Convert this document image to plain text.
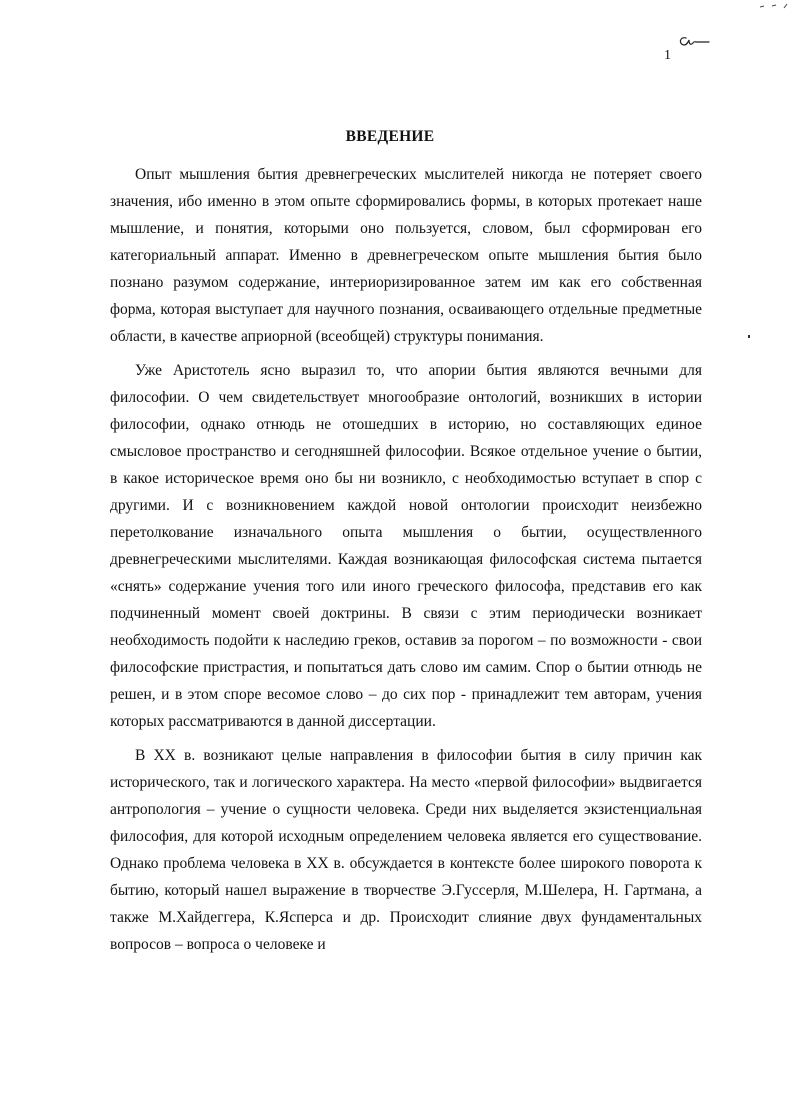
1
ВВЕДЕНИЕ

Опыт мышления бытия древнегреческих мыслителей никогда не потеряет своего значения, ибо именно в этом опыте сформировались формы, в которых протекает наше мышление, и понятия, которыми оно пользуется, словом, был сформирован его категориальный аппарат. Именно в древнегреческом опыте мышления бытия было познано разумом содержание, интериоризированное затем им как его собственная форма, которая выступает для научного познания, осваивающего отдельные предметные области, в качестве априорной (всеобщей) структуры понимания.

Уже Аристотель ясно выразил то, что апории бытия являются вечными для философии. О чем свидетельствует многообразие онтологий, возникших в истории философии, однако отнюдь не отошедших в историю, но составляющих единое смысловое пространство и сегодняшней философии. Всякое отдельное учение о бытии, в какое историческое время оно бы ни возникло, с необходимостью вступает в спор с другими. И с возникновением каждой новой онтологии происходит неизбежно перетолкование изначального опыта мышления о бытии, осуществленного древнегреческими мыслителями. Каждая возникающая философская система пытается «снять» содержание учения того или иного греческого философа, представив его как подчиненный момент своей доктрины. В связи с этим периодически возникает необходимость подойти к наследию греков, оставив за порогом – по возможности - свои философские пристрастия, и попытаться дать слово им самим. Спор о бытии отнюдь не решен, и в этом споре весомое слово – до сих пор - принадлежит тем авторам, учения которых рассматриваются в данной диссертации.

В XX в. возникают целые направления в философии бытия в силу причин как исторического, так и логического характера. На место «первой философии» выдвигается антропология – учение о сущности человека. Среди них выделяется экзистенциальная философия, для которой исходным определением человека является его существование. Однако проблема человека в XX в. обсуждается в контексте более широкого поворота к бытию, который нашел выражение в творчестве Э.Гуссерля, М.Шелера, Н. Гартмана, а также М.Хайдеггера, К.Ясперса и др. Происходит слияние двух фундаментальных вопросов – вопроса о человеке и
